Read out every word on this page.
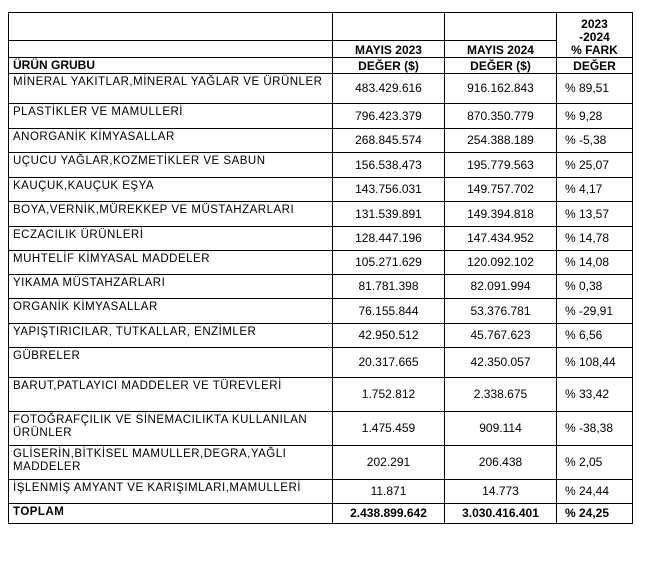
			2023
-2024
% FARK

	MAYIS 2023	MAYIS 2024	
ÜRÜN GRUBU	DEĞER ($)	DEĞER ($)	DEĞER
MİNERAL YAKITLAR,MİNERAL YAĞLAR VE ÜRÜNLER	483.429.616	916.162.843	% 89,51
PLASTİKLER VE MAMULLERİ	796.423.379	870.350.779	% 9,28
ANORGANİK KİMYASALLAR	268.845.574	254.388.189	% -5,38
UÇUCU YAĞLAR,KOZMETİKLER VE SABUN	156.538.473	195.779.563	% 25,07
KAUÇUK,KAUÇUK EŞYA	143.756.031	149.757.702	% 4,17
BOYA,VERNİK,MÜREKKEP VE MÜSTAHZARLARI	131.539.891	149.394.818	% 13,57
ECZACILIK ÜRÜNLERİ	128.447.196	147.434.952	% 14,78
MUHTELİF KİMYASAL MADDELER	105.271.629	120.092.102	% 14,08
YIKAMA MÜSTAHZARLARI	81.781.398	82.091.994	% 0,38
ORGANİK KİMYASALLAR	76.155.844	53.376.781	% -29,91
YAPIŞTIRICILAR, TUTKALLAR, ENZİMLER	42.950.512	45.767.623	% 6,56
GÜBRELER	20.317.665	42.350.057	% 108,44
BARUT,PATLAYICI MADDELER VE TÜREVLERİ	1.752.812	2.338.675	% 33,42
FOTOĞRAFÇILIK VE SİNEMACILIKTA KULLANILAN ÜRÜNLER	1.475.459	909.114	% -38,38
GLİSERİN,BİTKİSEL MAMULLER,DEGRA,YAĞLI MADDELER	202.291	206.438	% 2,05
İŞLENMİŞ AMYANT VE KARIŞIMLARI,MAMULLERİ	11.871	14.773	% 24,44
TOPLAM	2.438.899.642	3.030.416.401	% 24,25
